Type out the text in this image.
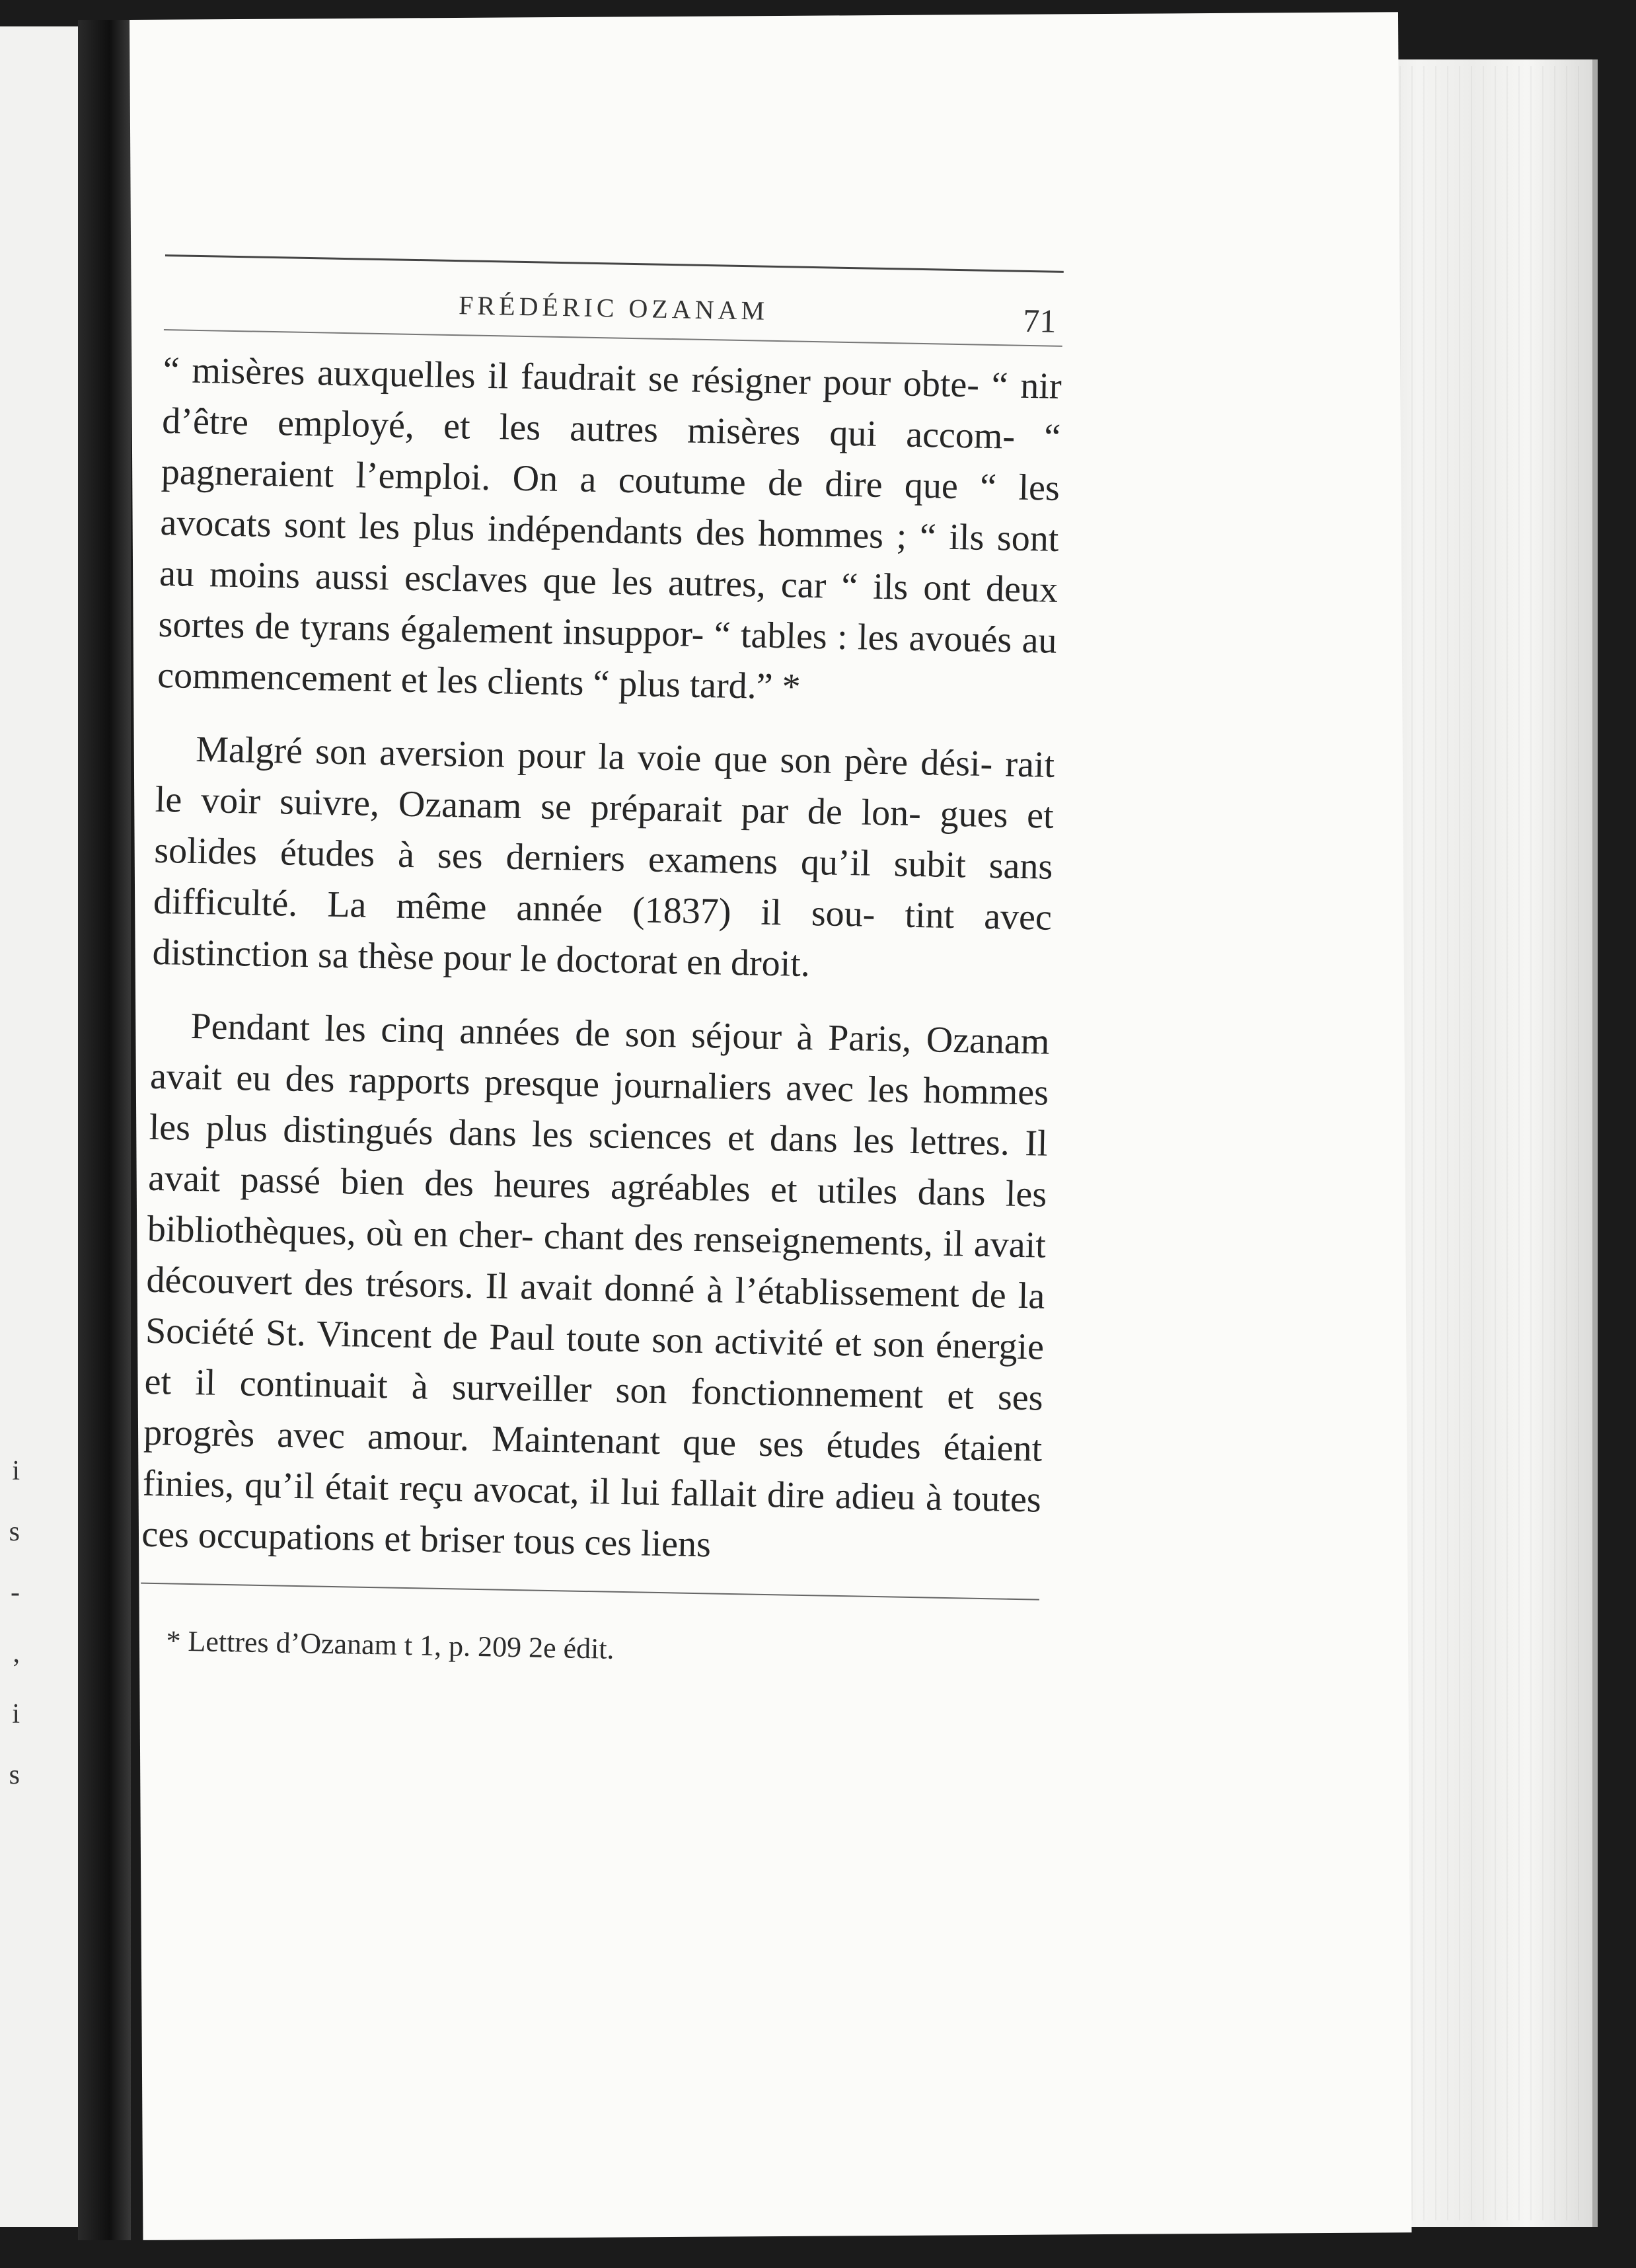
i
s
-
,
i
s
FRÉDÉRIC OZANAM	71

“ misères auxquelles il faudrait se résigner pour obte- “ nir d’être employé, et les autres misères qui accom- “ pagneraient l’emploi. On a coutume de dire que “ les avocats sont les plus indépendants des hommes ; “ ils sont au moins aussi esclaves que les autres, car “ ils ont deux sortes de tyrans également insuppor- “ tables : les avoués au commencement et les clients “ plus tard.” *

Malgré son aversion pour la voie que son père dési- rait le voir suivre, Ozanam se préparait par de lon- gues et solides études à ses derniers examens qu’il subit sans difficulté. La même année (1837) il sou- tint avec distinction sa thèse pour le doctorat en droit.

Pendant les cinq années de son séjour à Paris, Ozanam avait eu des rapports presque journaliers avec les hommes les plus distingués dans les sciences et dans les lettres. Il avait passé bien des heures agréables et utiles dans les bibliothèques, où en cher- chant des renseignements, il avait découvert des trésors. Il avait donné à l’établissement de la Société St. Vincent de Paul toute son activité et son énergie et il continuait à surveiller son fonctionnement et ses progrès avec amour. Maintenant que ses études étaient finies, qu’il était reçu avocat, il lui fallait dire adieu à toutes ces occupations et briser tous ces liens

* Lettres d’Ozanam t 1, p. 209 2e édit.
